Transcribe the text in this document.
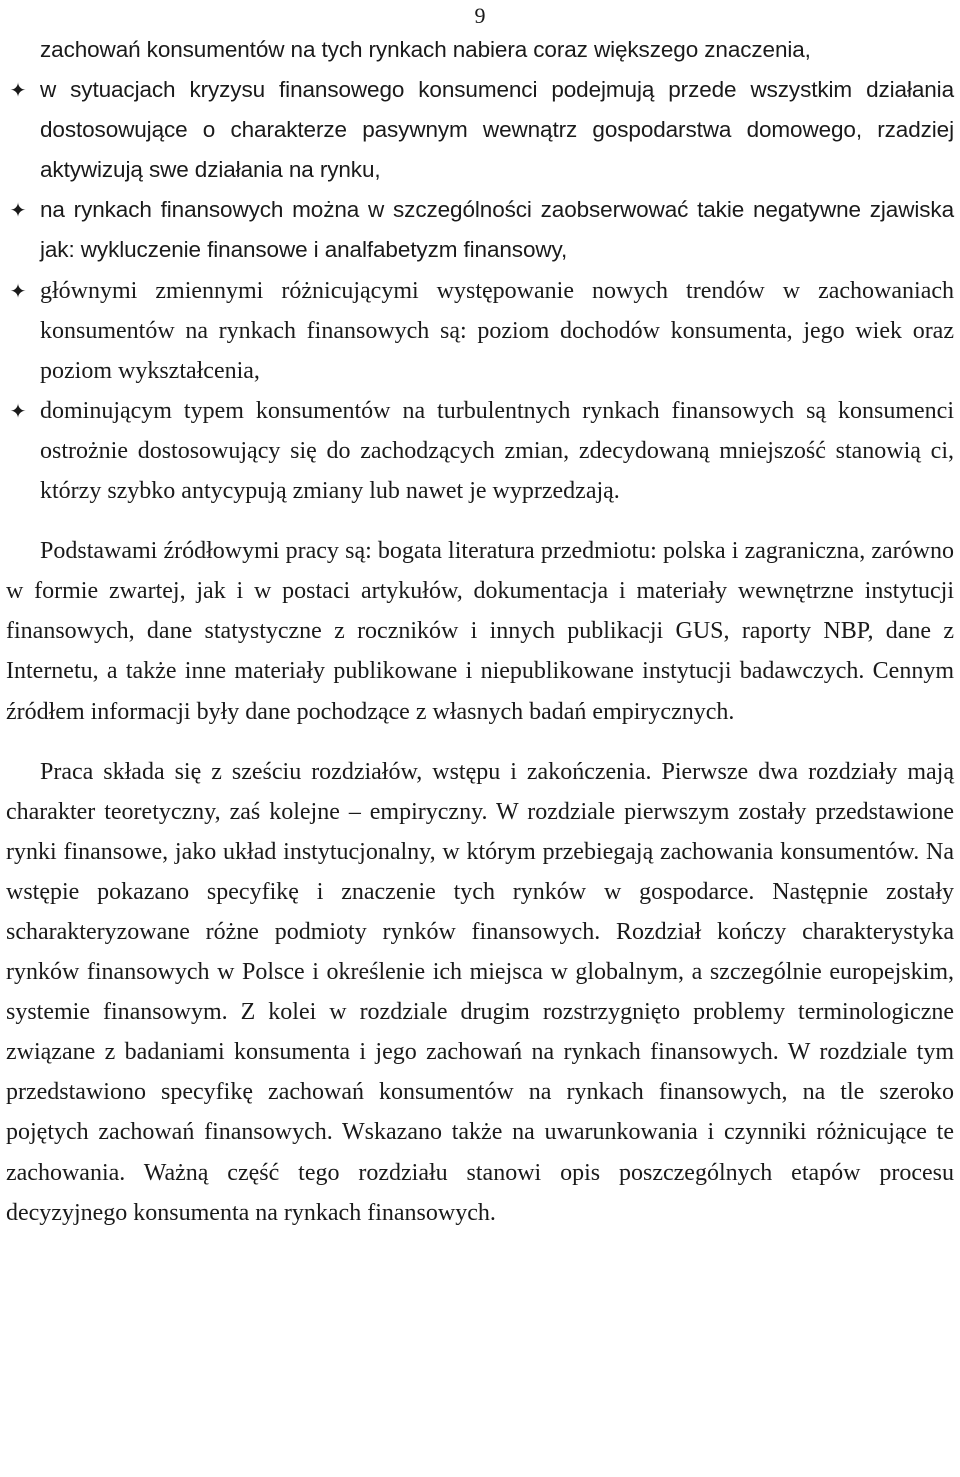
9

zachowań konsumentów na tych rynkach nabiera coraz większego znaczenia,

✦ w sytuacjach kryzysu finansowego konsumenci podejmują przede wszystkim działania dostosowujące o charakterze pasywnym wewnątrz gospodarstwa domowego, rzadziej aktywizują swe działania na rynku,
✦ na rynkach finansowych można w szczególności zaobserwować takie negatywne zjawiska jak: wykluczenie finansowe i analfabetyzm finansowy,
✦ głównymi zmiennymi różnicującymi występowanie nowych trendów w zachowaniach konsumentów na rynkach finansowych są: poziom dochodów konsumenta, jego wiek oraz poziom wykształcenia,
✦ dominującym typem konsumentów na turbulentnych rynkach finansowych są konsumenci ostrożnie dostosowujący się do zachodzących zmian, zdecydowaną mniejszość stanowią ci, którzy szybko antycypują zmiany lub nawet je wyprzedzają.

Podstawami źródłowymi pracy są: bogata literatura przedmiotu: polska i zagraniczna, zarówno w formie zwartej, jak i w postaci artykułów, dokumentacja i materiały wewnętrzne instytucji finansowych, dane statystyczne z roczników i innych publikacji GUS, raporty NBP, dane z Internetu, a także inne materiały publikowane i niepublikowane instytucji badawczych. Cennym źródłem informacji były dane pochodzące z własnych badań empirycznych.

Praca składa się z sześciu rozdziałów, wstępu i zakończenia. Pierwsze dwa rozdziały mają charakter teoretyczny, zaś kolejne – empiryczny. W rozdziale pierwszym zostały przedstawione rynki finansowe, jako układ instytucjonalny, w którym przebiegają zachowania konsumentów. Na wstępie pokazano specyfikę i znaczenie tych rynków w gospodarce. Następnie zostały scharakteryzowane różne podmioty rynków finansowych. Rozdział kończy charakterystyka rynków finansowych w Polsce i określenie ich miejsca w globalnym, a szczególnie europejskim, systemie finansowym. Z kolei w rozdziale drugim rozstrzygnięto problemy terminologiczne związane z badaniami konsumenta i jego zachowań na rynkach finansowych. W rozdziale tym przedstawiono specyfikę zachowań konsumentów na rynkach finansowych, na tle szeroko pojętych zachowań finansowych. Wskazano także na uwarunkowania i czynniki różnicujące te zachowania. Ważną część tego rozdziału stanowi opis poszczególnych etapów procesu decyzyjnego konsumenta na rynkach finansowych.
